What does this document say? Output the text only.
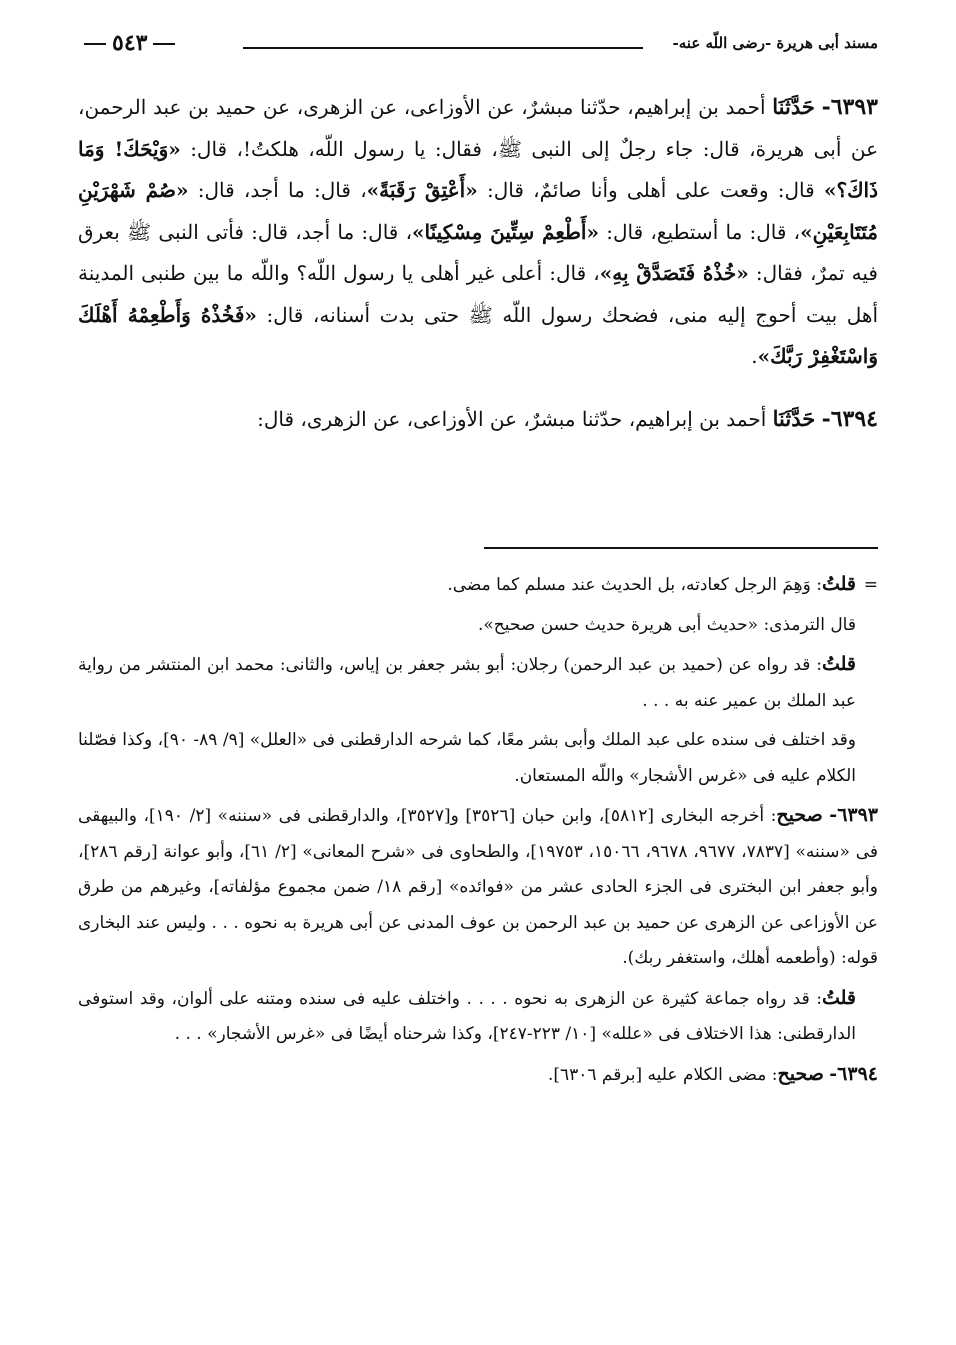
مسند أبى هريرة -رضى اللّه عنه-
٥٤٣

٦٣٩٣- حَدَّثَنَا أحمد بن إبراهيم، حدّثنا مبشرٌ، عن الأوزاعى، عن الزهرى، عن حميد بن عبد الرحمن، عن أبى هريرة، قال: جاء رجلٌ إلى النبى ﷺ، فقال: يا رسول اللّه، هلكتُ!، قال: «وَيْحَكَ! وَمَا ذَاكَ؟» قال: وقعت على أهلى وأنا صائمٌ، قال: «أَعْتِقْ رَقَبَةً»، قال: ما أجد، قال: «صُمْ شَهْرَيْنِ مُتَتَابِعَيْنِ»، قال: ما أستطيع، قال: «أَطْعِمْ سِتِّينَ مِسْكِينًا»، قال: ما أجد، قال: فأتى النبى ﷺ بعرق فيه تمرٌ، فقال: «خُذْهُ فَتَصَدَّقْ بِهِ»، قال: أعلى غير أهلى يا رسول اللّه؟ واللّه ما بين طنبى المدينة أهل بيت أحوج إليه منى، فضحك رسول اللّه ﷺ حتى بدت أسنانه، قال: «فَخُذْهُ وَأَطْعِمْهُ أَهْلَكَ وَاسْتَغْفِرْ رَبَّكَ».

٦٣٩٤- حَدَّثَنَا أحمد بن إبراهيم، حدّثنا مبشرٌ، عن الأوزاعى، عن الزهرى، قال:

=قلتُ: وَهِمَ الرجل كعادته، بل الحديث عند مسلم كما مضى.

قال الترمذى: «حديث أبى هريرة حديث حسن صحيح».

قلتُ: قد رواه عن (حميد بن عبد الرحمن) رجلان: أبو بشر جعفر بن إياس، والثانى: محمد ابن المنتشر من رواية عبد الملك بن عمير عنه به . . .

وقد اختلف فى سنده على عبد الملك وأبى بشر معًا، كما شرحه الدارقطنى فى «العلل» [٩/ ٨٩- ٩٠]، وكذا فصّلنا الكلام عليه فى «غرس الأشجار» واللّه المستعان.

٦٣٩٣- صحيح: أخرجه البخارى [٥٨١٢]، وابن حبان [٣٥٢٦] و[٣٥٢٧]، والدارقطنى فى «سننه» [٢/ ١٩٠]، والبيهقى فى «سننه» [٧٨٣٧، ٩٦٧٧، ٩٦٧٨، ١٥٠٦٦، ١٩٧٥٣]، والطحاوى فى «شرح المعانى» [٢/ ٦١]، وأبو عوانة [رقم ٢٨٦]، وأبو جعفر ابن البخترى فى الجزء الحادى عشر من «فوائده» [رقم ١٨/ ضمن مجموع مؤلفاته]، وغيرهم من طرق عن الأوزاعى عن الزهرى عن حميد بن عبد الرحمن بن عوف المدنى عن أبى هريرة به نحوه . . . وليس عند البخارى قوله: (وأطعمه أهلك، واستغفر ربك).

قلتُ: قد رواه جماعة كثيرة عن الزهرى به نحوه . . . . واختلف عليه فى سنده ومتنه على ألوان، وقد استوفى الدارقطنى: هذا الاختلاف فى «علله» [١٠/ ٢٢٣-٢٤٧]، وكذا شرحناه أيضًا فى «غرس الأشجار» . . .

٦٣٩٤- صحيح: مضى الكلام عليه [برقم ٦٣٠٦].
